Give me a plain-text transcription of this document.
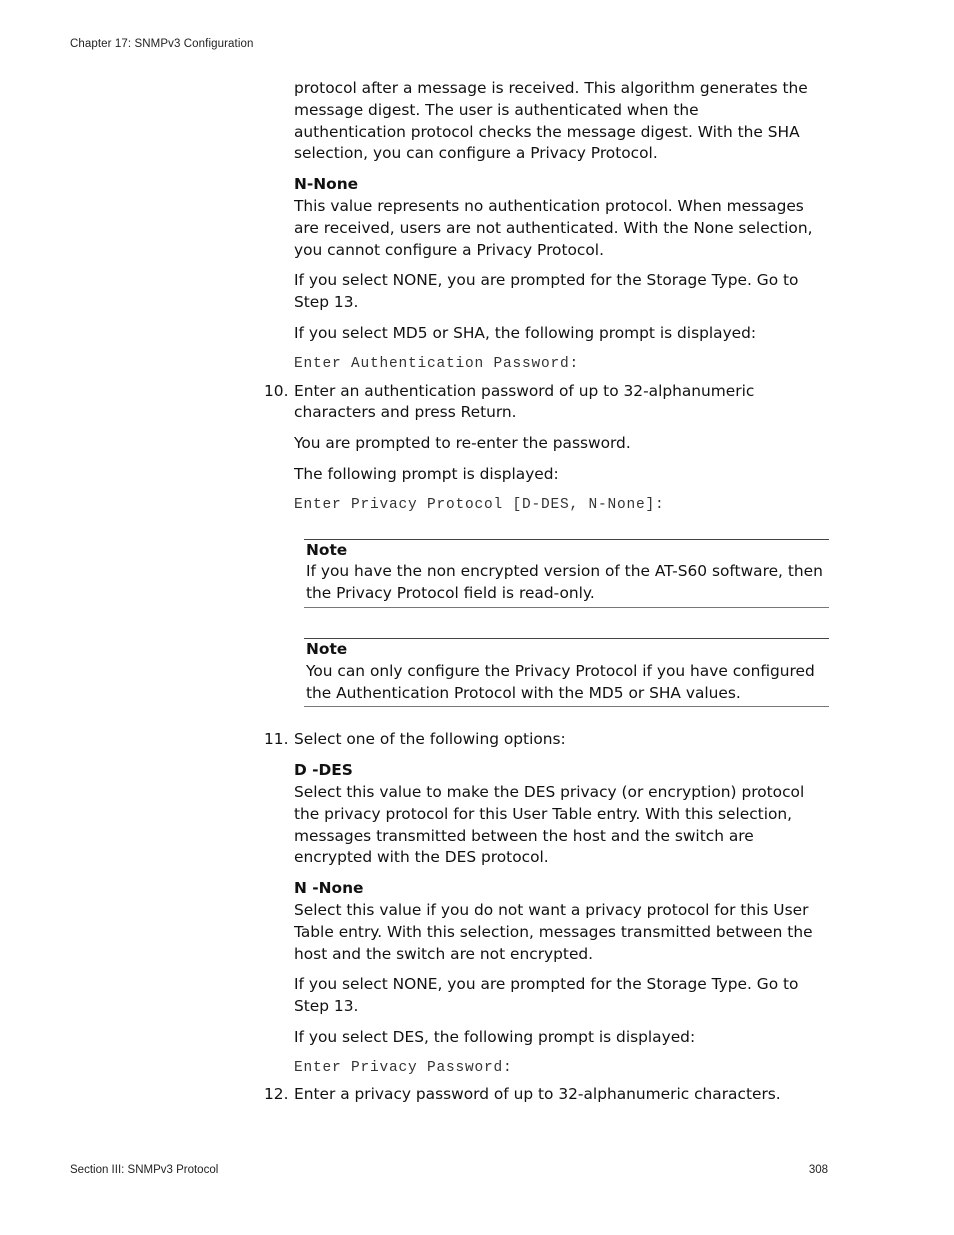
Chapter 17: SNMPv3 Configuration

protocol after a message is received. This algorithm generates the message digest. The user is authenticated when the authentication protocol checks the message digest. With the SHA selection, you can configure a Privacy Protocol.

N-None

This value represents no authentication protocol. When messages are received, users are not authenticated. With the None selection, you cannot configure a Privacy Protocol.

If you select NONE, you are prompted for the Storage Type. Go to Step 13.

If you select MD5 or SHA, the following prompt is displayed:

Enter Authentication Password:
10. Enter an authentication password of up to 32-alphanumeric characters and press Return.

You are prompted to re-enter the password.

The following prompt is displayed:

Enter Privacy Protocol [D-DES, N-None]:

Note

If you have the non encrypted version of the AT-S60 software, then the Privacy Protocol field is read-only.

Note

You can only configure the Privacy Protocol if you have configured the Authentication Protocol with the MD5 or SHA values.

11. Select one of the following options:

D -DES

Select this value to make the DES privacy (or encryption) protocol the privacy protocol for this User Table entry. With this selection, messages transmitted between the host and the switch are encrypted with the DES protocol.

N -None

Select this value if you do not want a privacy protocol for this User Table entry. With this selection, messages transmitted between the host and the switch are not encrypted.

If you select NONE, you are prompted for the Storage Type. Go to Step 13.

If you select DES, the following prompt is displayed:

Enter Privacy Password:
12. Enter a privacy password of up to 32-alphanumeric characters.

Section III: SNMPv3 Protocol	308
